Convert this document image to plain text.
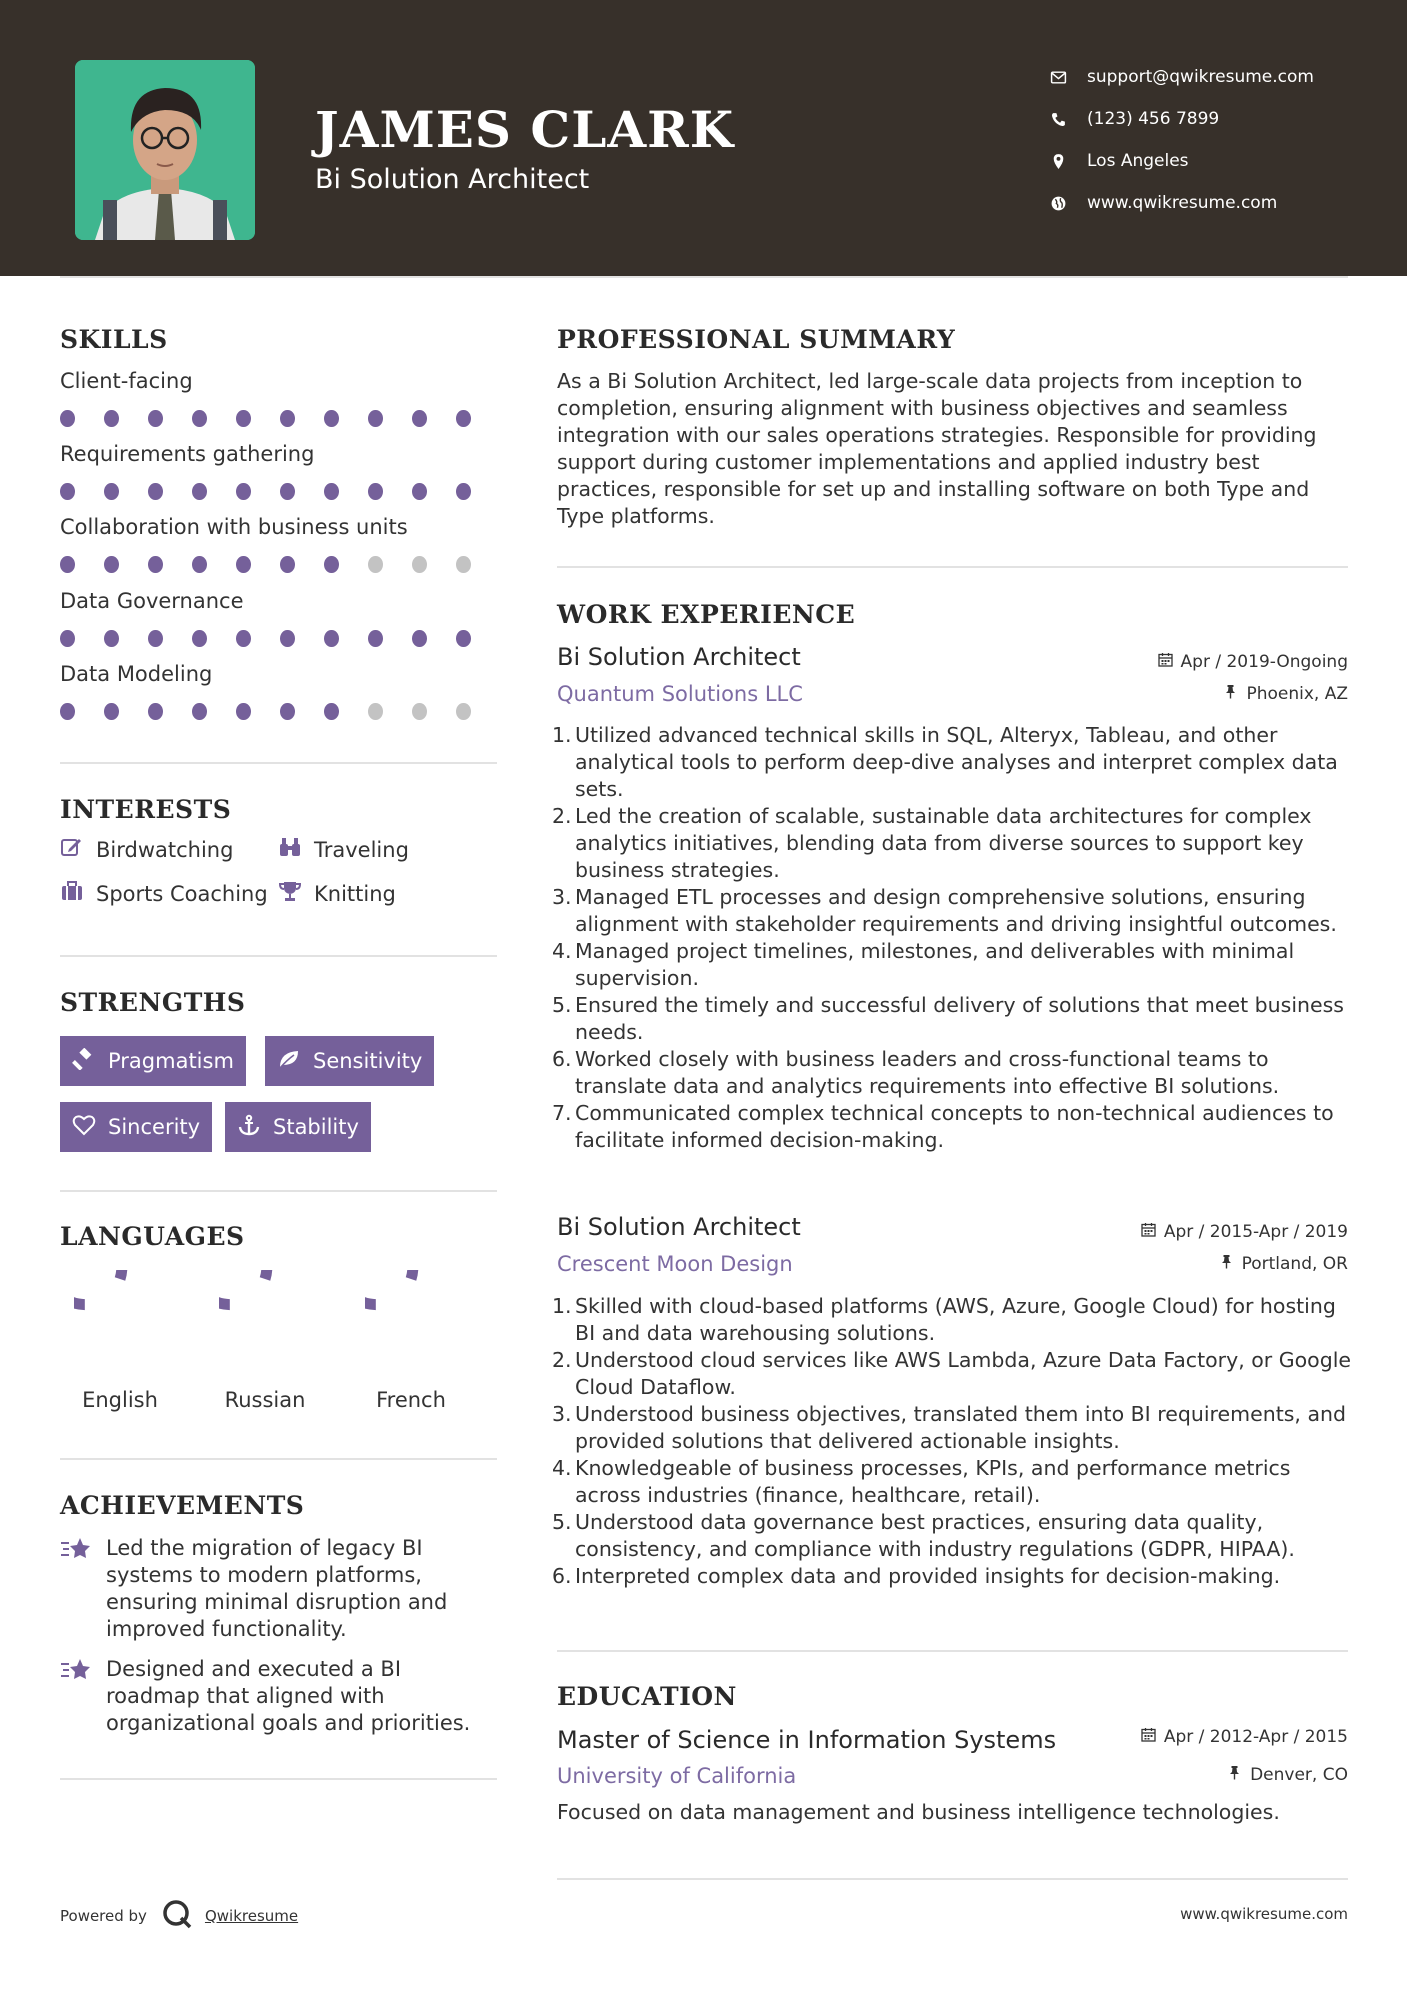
JAMES CLARK
Bi Solution Architect
support@qwikresume.com
(123) 456 7899
Los Angeles
www.qwikresume.com
SKILLS
Client-facing
Requirements gathering
Collaboration with business units
Data Governance
Data Modeling
INTERESTS
Birdwatching	Traveling
Sports Coaching Knitting
STRENGTHS
Pragmatism	Sensitivity
Sincerity	Stability
LANGUAGES
English	Russian	French
ACHIEVEMENTS
Led the migration of legacy BI systems to modern platforms, ensuring minimal disruption and improved functionality.
Designed and executed a BI roadmap that aligned with organizational goals and priorities.
PROFESSIONAL SUMMARY
As a Bi Solution Architect, led large-scale data projects from inception to completion, ensuring alignment with business objectives and seamless integration with our sales operations strategies. Responsible for providing support during customer implementations and applied industry best practices, responsible for set up and installing software on both Type and Type platforms.
WORK EXPERIENCE
Bi Solution Architect	Apr / 2019-Ongoing
Quantum Solutions LLC	Phoenix, AZ
1. Utilized advanced technical skills in SQL, Alteryx, Tableau, and other analytical tools to perform deep-dive analyses and interpret complex data sets.
2. Led the creation of scalable, sustainable data architectures for complex analytics initiatives, blending data from diverse sources to support key business strategies.
3. Managed ETL processes and design comprehensive solutions, ensuring alignment with stakeholder requirements and driving insightful outcomes.
4. Managed project timelines, milestones, and deliverables with minimal supervision.
5. Ensured the timely and successful delivery of solutions that meet business needs.
6. Worked closely with business leaders and cross-functional teams to translate data and analytics requirements into effective BI solutions.
7. Communicated complex technical concepts to non-technical audiences to facilitate informed decision-making.
Bi Solution Architect	Apr / 2015-Apr / 2019
Crescent Moon Design	Portland, OR
1. Skilled with cloud-based platforms (AWS, Azure, Google Cloud) for hosting BI and data warehousing solutions.
2. Understood cloud services like AWS Lambda, Azure Data Factory, or Google Cloud Dataflow.
3. Understood business objectives, translated them into BI requirements, and provided solutions that delivered actionable insights.
4. Knowledgeable of business processes, KPIs, and performance metrics across industries (finance, healthcare, retail).
5. Understood data governance best practices, ensuring data quality, consistency, and compliance with industry regulations (GDPR, HIPAA).
6. Interpreted complex data and provided insights for decision-making.
EDUCATION
Master of Science in Information Systems	Apr / 2012-Apr / 2015
University of California	Denver, CO
Focused on data management and business intelligence technologies.
Powered by	Qwikresume	www.qwikresume.com
